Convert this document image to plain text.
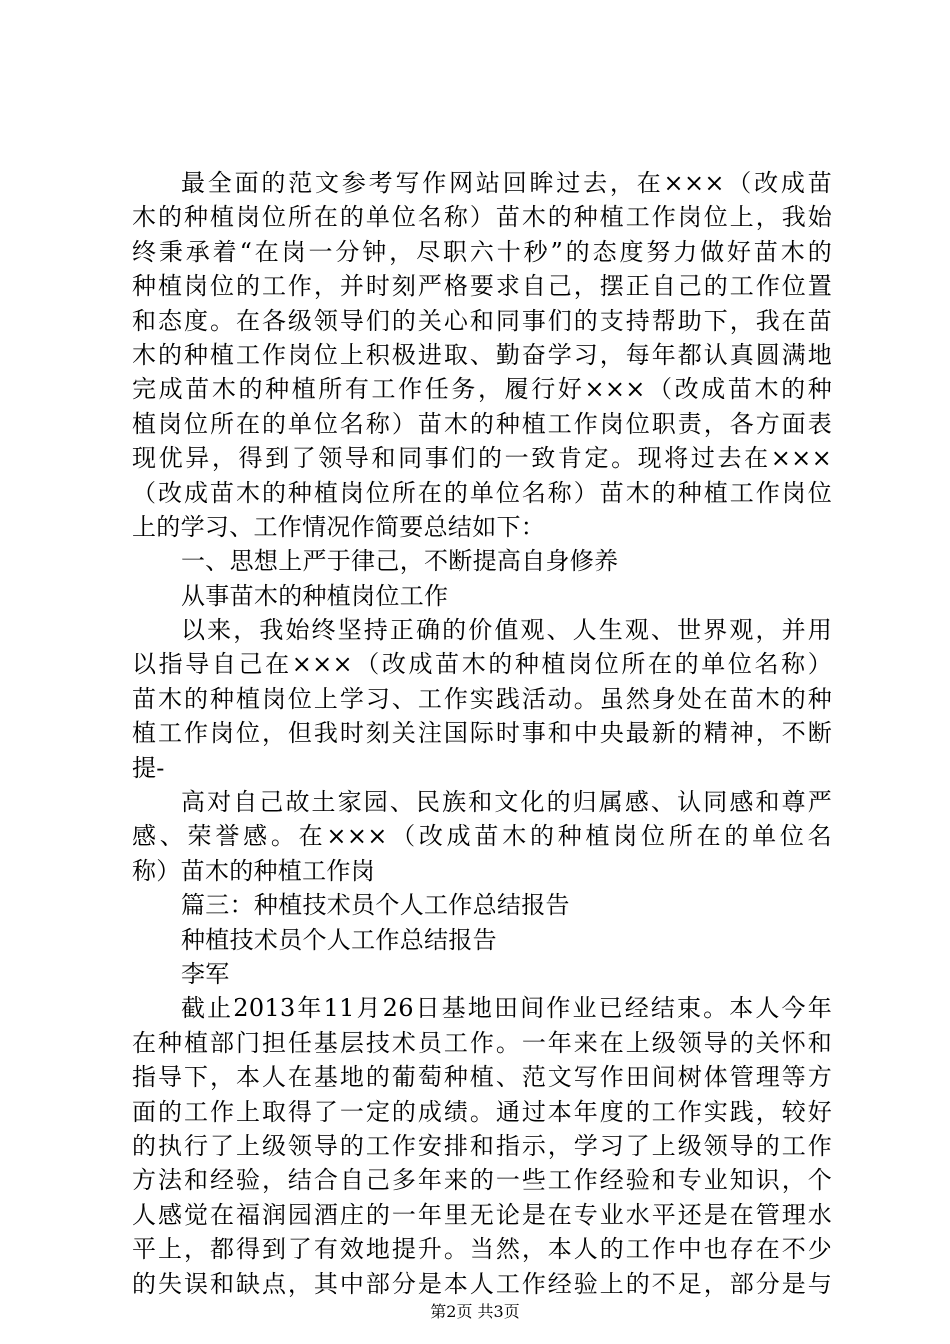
最全面的范文参考写作网站回眸过去，在×××（改成苗
木的种植岗位所在的单位名称）苗木的种植工作岗位上，我始
终秉承着“在岗一分钟，尽职六十秒”的态度努力做好苗木的
种植岗位的工作，并时刻严格要求自己，摆正自己的工作位置
和态度。在各级领导们的关心和同事们的支持帮助下，我在苗
木的种植工作岗位上积极进取、勤奋学习，每年都认真圆满地
完成苗木的种植所有工作任务，履行好×××（改成苗木的种
植岗位所在的单位名称）苗木的种植工作岗位职责，各方面表
现优异，得到了领导和同事们的一致肯定。现将过去在×××
（改成苗木的种植岗位所在的单位名称）苗木的种植工作岗位
上的学习、工作情况作简要总结如下：
一、思想上严于律己，不断提高自身修养
从事苗木的种植岗位工作
以来，我始终坚持正确的价值观、人生观、世界观，并用
以指导自己在×××（改成苗木的种植岗位所在的单位名称）
苗木的种植岗位上学习、工作实践活动。虽然身处在苗木的种
植工作岗位，但我时刻关注国际时事和中央最新的精神，不断
提-
高对自己故土家园、民族和文化的归属感、认同感和尊严
感、荣誉感。在×××（改成苗木的种植岗位所在的单位名
称）苗木的种植工作岗
篇三：种植技术员个人工作总结报告
种植技术员个人工作总结报告
李军
截止2013年11月26日基地田间作业已经结束。本人今年
在种植部门担任基层技术员工作。一年来在上级领导的关怀和
指导下，本人在基地的葡萄种植、范文写作田间树体管理等方
面的工作上取得了一定的成绩。通过本年度的工作实践，较好
的执行了上级领导的工作安排和指示，学习了上级领导的工作
方法和经验，结合自己多年来的一些工作经验和专业知识，个
人感觉在福润园酒庄的一年里无论是在专业水平还是在管理水
平上，都得到了有效地提升。当然，本人的工作中也存在不少
的失误和缺点，其中部分是本人工作经验上的不足，部分是与
第2页 共3页
